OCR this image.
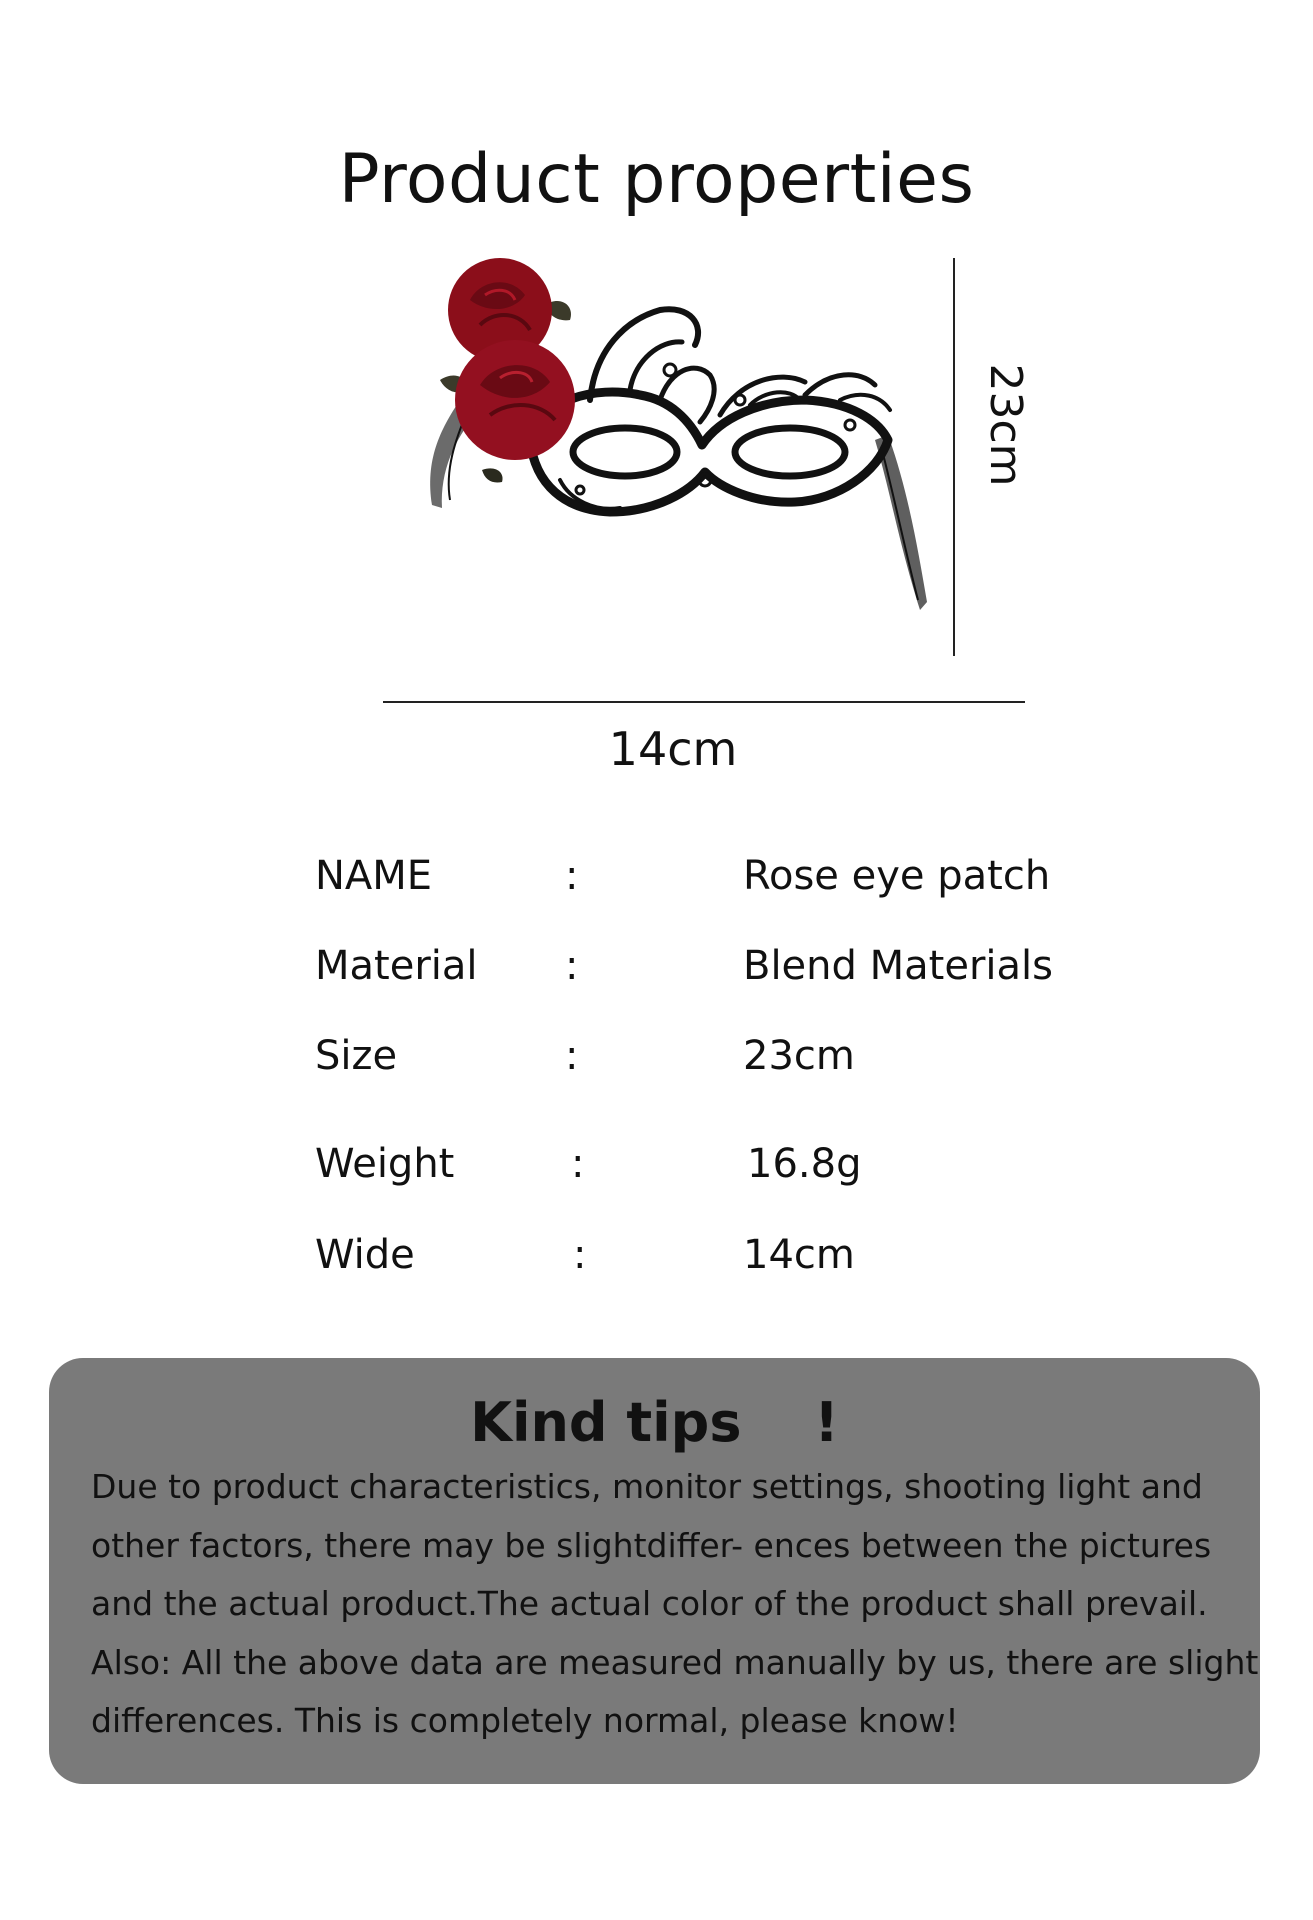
Product properties
23cm
14cm
NAME	:	Rose eye patch
Material :	Blend Materials
Size	:	23cm
Weight	:	16.8g
Wide	:	14cm
Kind tips 　!
Due to product characteristics, monitor settings, shooting light and
other factors, there may be slightdiffer- ences between the pictures
and the actual product.The actual color of the product shall prevail.
Also: All the above data are measured manually by us, there are slight
differences. This is completely normal, please know!
